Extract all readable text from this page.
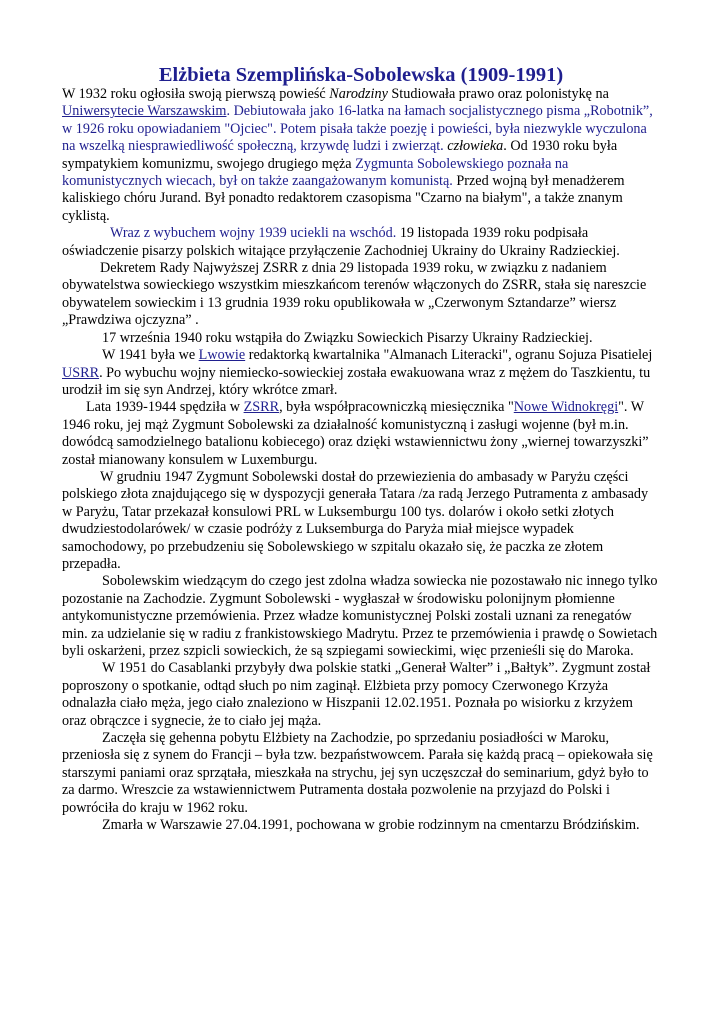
Elżbieta Szemplińska-Sobolewska (1909-1991)

W 1932 roku ogłosiła swoją pierwszą powieść Narodziny Studiowała prawo oraz polonistykę na Uniwersytecie Warszawskim. Debiutowała jako 16-latka na łamach socjalistycznego pisma „Robotnik”, w 1926 roku opowiadaniem "Ojciec". Potem pisała także poezję i powieści, była niezwykle wyczulona na wszelką niesprawiedliwość społeczną, krzywdę ludzi i zwierząt. człowieka. Od 1930 roku była sympatykiem komunizmu, swojego drugiego męża Zygmunta Sobolewskiego poznała na komunistycznych wiecach, był on także zaangażowanym komunistą. Przed wojną był menadżerem kaliskiego chóru Jurand. Był ponadto redaktorem czasopisma "Czarno na białym", a także znanym cyklistą.

Wraz z wybuchem wojny 1939 uciekli na wschód. 19 listopada 1939 roku podpisała oświadczenie pisarzy polskich witające przyłączenie Zachodniej Ukrainy do Ukrainy Radzieckiej.

Dekretem Rady Najwyższej ZSRR z dnia 29 listopada 1939 roku, w związku z nadaniem obywatelstwa sowieckiego wszystkim mieszkańcom terenów włączonych do ZSRR, stała się nareszcie obywatelem sowieckim i 13 grudnia 1939 roku opublikowała w „Czerwonym Sztandarze” wiersz „Prawdziwa ojczyzna” .

17 września 1940 roku wstąpiła do Związku Sowieckich Pisarzy Ukrainy Radzieckiej.

W 1941 była we Lwowie redaktorką kwartalnika "Almanach Literacki", ogranu Sojuza Pisatielej USRR. Po wybuchu wojny niemiecko-sowieckiej została ewakuowana wraz z mężem do Taszkientu, tu urodził im się syn Andrzej, który wkrótce zmarł.

Lata 1939-1944 spędziła w ZSRR, była współpracowniczką miesięcznika "Nowe Widnokręgi". W 1946 roku, jej mąż Zygmunt Sobolewski za działalność komunistyczną i zasługi wojenne (był m.in. dowódcą samodzielnego batalionu kobiecego) oraz dzięki wstawiennictwu żony „wiernej towarzyszki” został mianowany konsulem w Luxemburgu.

W grudniu 1947 Zygmunt Sobolewski dostał do przewiezienia do ambasady w Paryżu części polskiego złota znajdującego się w dyspozycji generała Tatara /za radą Jerzego Putramenta z ambasady w Paryżu, Tatar przekazał konsulowi PRL w Luksemburgu 100 tys. dolarów i około setki złotych dwudziestodolarówek/ w czasie podróży z Luksemburga do Paryża miał miejsce wypadek samochodowy, po przebudzeniu się Sobolewskiego w szpitalu okazało się, że paczka ze złotem przepadła.

Sobolewskim wiedzącym do czego jest zdolna władza sowiecka nie pozostawało nic innego tylko pozostanie na Zachodzie. Zygmunt Sobolewski - wygłaszał w środowisku polonijnym płomienne antykomunistyczne przemówienia. Przez władze komunistycznej Polski zostali uznani za renegatów min. za udzielanie się w radiu z frankistowskiego Madrytu. Przez te przemówienia i prawdę o Sowietach byli oskarżeni, przez szpicli sowieckich, że są szpiegami sowieckimi, więc przenieśli się do Maroka.

W 1951 do Casablanki przybyły dwa polskie statki „Generał Walter” i „Bałtyk”. Zygmunt został poproszony o spotkanie, odtąd słuch po nim zaginął. Elżbieta przy pomocy Czerwonego Krzyża odnalazła ciało męża, jego ciało znaleziono w Hiszpanii 12.02.1951. Poznała po wisiorku z krzyżem oraz obrączce i sygnecie, że to ciało jej mąża.

Zaczęła się gehenna pobytu Elżbiety na Zachodzie, po sprzedaniu posiadłości w Maroku, przeniosła się z synem do Francji – była tzw. bezpaństwowcem. Parała się każdą pracą – opiekowała się starszymi paniami oraz sprzątała, mieszkała na strychu, jej syn uczęszczał do seminarium, gdyż było to za darmo. Wreszcie za wstawiennictwem Putramenta dostała pozwolenie na przyjazd do Polski i powróciła do kraju w 1962 roku.

Zmarła w Warszawie 27.04.1991, pochowana w grobie rodzinnym na cmentarzu Bródzińskim.
